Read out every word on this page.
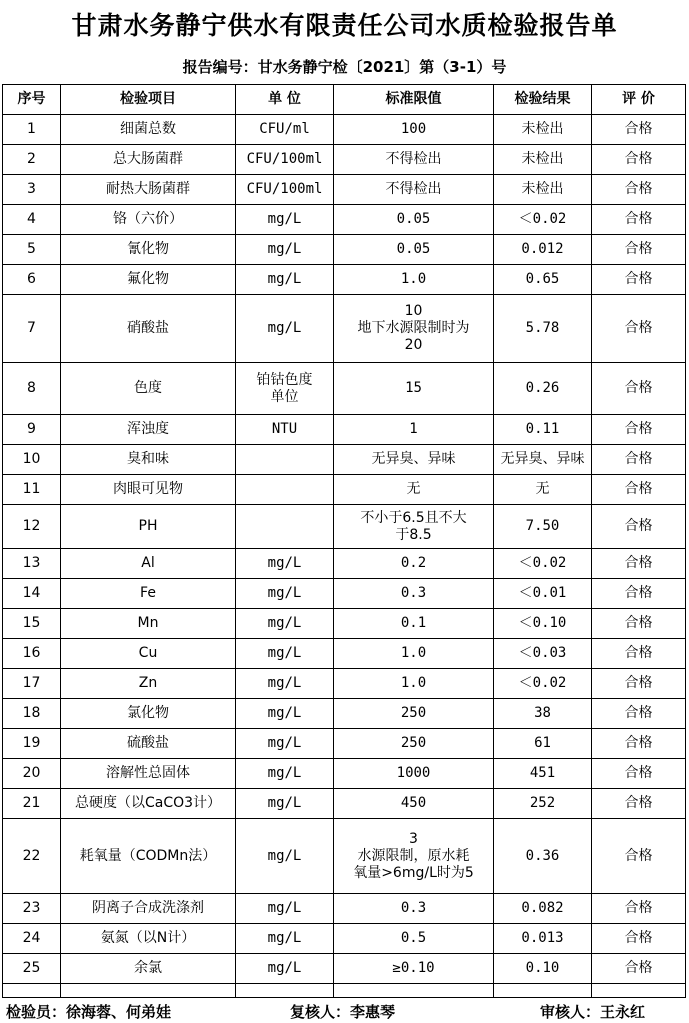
甘肃水务静宁供水有限责任公司水质检验报告单
报告编号：甘水务静宁检〔2021〕第（3-1）号
序号	检验项目	单 位	标准限值	检验结果	评 价
1	细菌总数	CFU/ml	100	未检出	合格
2	总大肠菌群	CFU/100ml	不得检出	未检出	合格
3	耐热大肠菌群	CFU/100ml	不得检出	未检出	合格
4	铬（六价）	mg/L	0.05	＜0.02	合格
5	氰化物	mg/L	0.05	0.012	合格
6	氟化物	mg/L	1.0	0.65	合格
7	硝酸盐	mg/L	10
地下水源限制时为
20	5.78	合格
8	色度	铂钴色度
单位	15	0.26	合格
9	浑浊度	NTU	1	0.11	合格
10	臭和味		无异臭、异味	无异臭、异味	合格
11	肉眼可见物		无	无	合格
12	PH		不小于6.5且不大
于8.5	7.50	合格
13	Al	mg/L	0.2	＜0.02	合格
14	Fe	mg/L	0.3	＜0.01	合格
15	Mn	mg/L	0.1	＜0.10	合格
16	Cu	mg/L	1.0	＜0.03	合格
17	Zn	mg/L	1.0	＜0.02	合格
18	氯化物	mg/L	250	38	合格
19	硫酸盐	mg/L	250	61	合格
20	溶解性总固体	mg/L	1000	451	合格
21	总硬度（以CaCO3计）	mg/L	450	252	合格
22	耗氧量（CODMn法）	mg/L	3
水源限制，原水耗
氧量>6mg/L时为5	0.36	合格
23	阴离子合成洗涤剂	mg/L	0.3	0.082	合格
24	氨氮（以N计）	mg/L	0.5	0.013	合格
25	余氯	mg/L	≥0.10	0.10	合格

检验员：徐海蓉、何弟娃	复核人：李惠琴	审核人：王永红
